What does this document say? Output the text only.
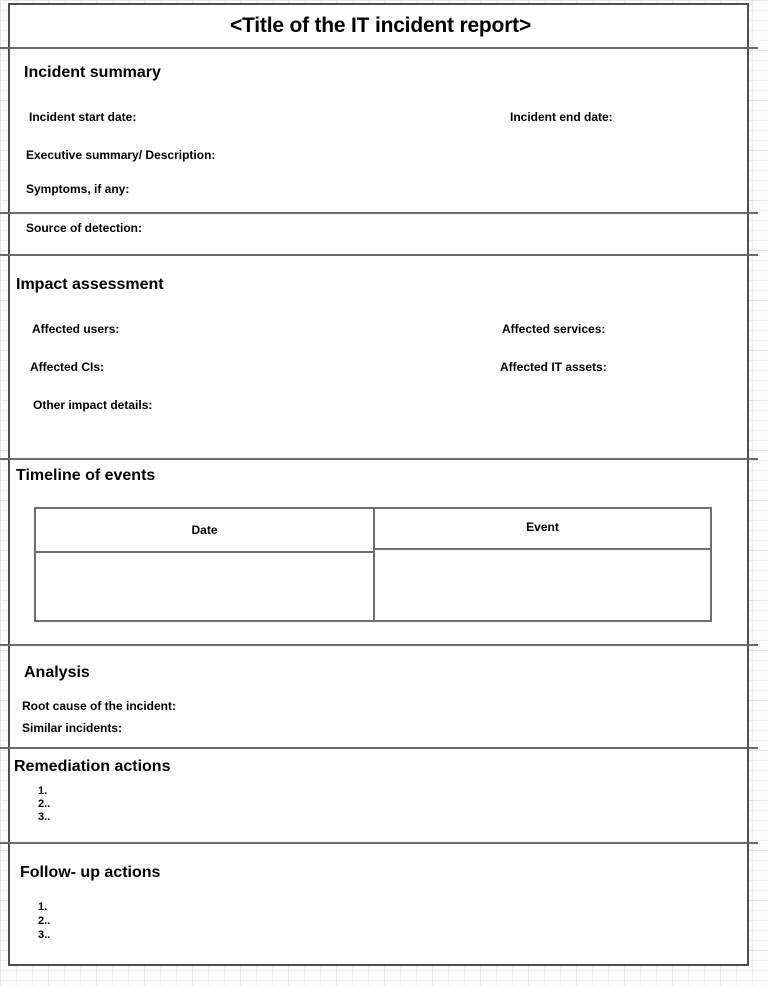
<Title of the IT incident report>
Incident summary
Incident start date:	Incident end date:
Executive summary/ Description:
Symptoms, if any:
Source of detection:
Impact assessment
Affected users:	Affected services:
Affected CIs:	Affected IT assets:
Other impact details:
Timeline of events
Date	Event
Analysis
Root cause of the incident:
Similar incidents:
Remediation actions
1.
2..
3..
Follow- up actions
1.
2..
3..
